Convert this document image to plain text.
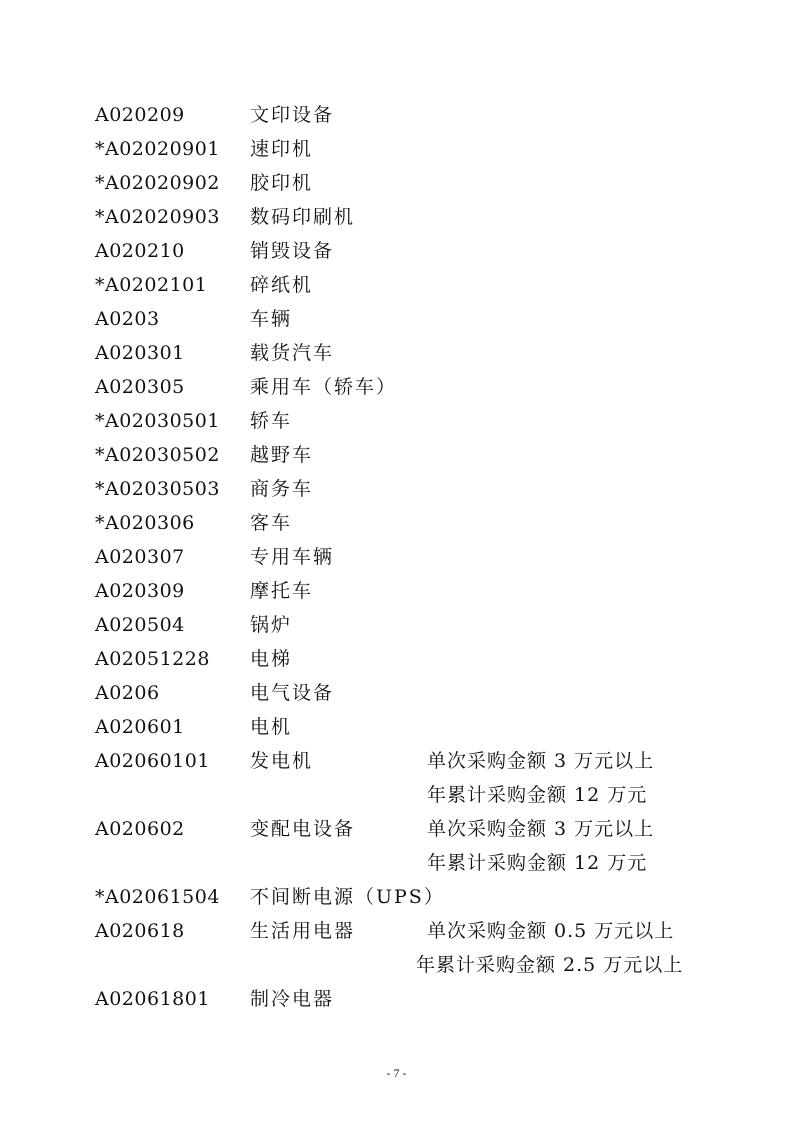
A020209	文印设备
*A02020901 速印机
*A02020902 胶印机
*A02020903 数码印刷机
A020210	销毁设备
*A0202101 碎纸机
A0203	车辆
A020301	载货汽车
A020305	乘用车（轿车）
*A02030501 轿车
*A02030502 越野车
*A02030503 商务车
*A020306	客车
A020307	专用车辆
A020309	摩托车
A020504	锅炉
A02051228 电梯
A0206	电气设备
A020601	电机
A02060101 发电机	单次采购金额 3 万元以上
年累计采购金额 12 万元
A020602	变配电设备	单次采购金额 3 万元以上
年累计采购金额 12 万元
*A02061504 不间断电源（UPS）
A020618	生活用电器	单次采购金额 0.5 万元以上
年累计采购金额 2.5 万元以上
A02061801 制冷电器
- 7 -
